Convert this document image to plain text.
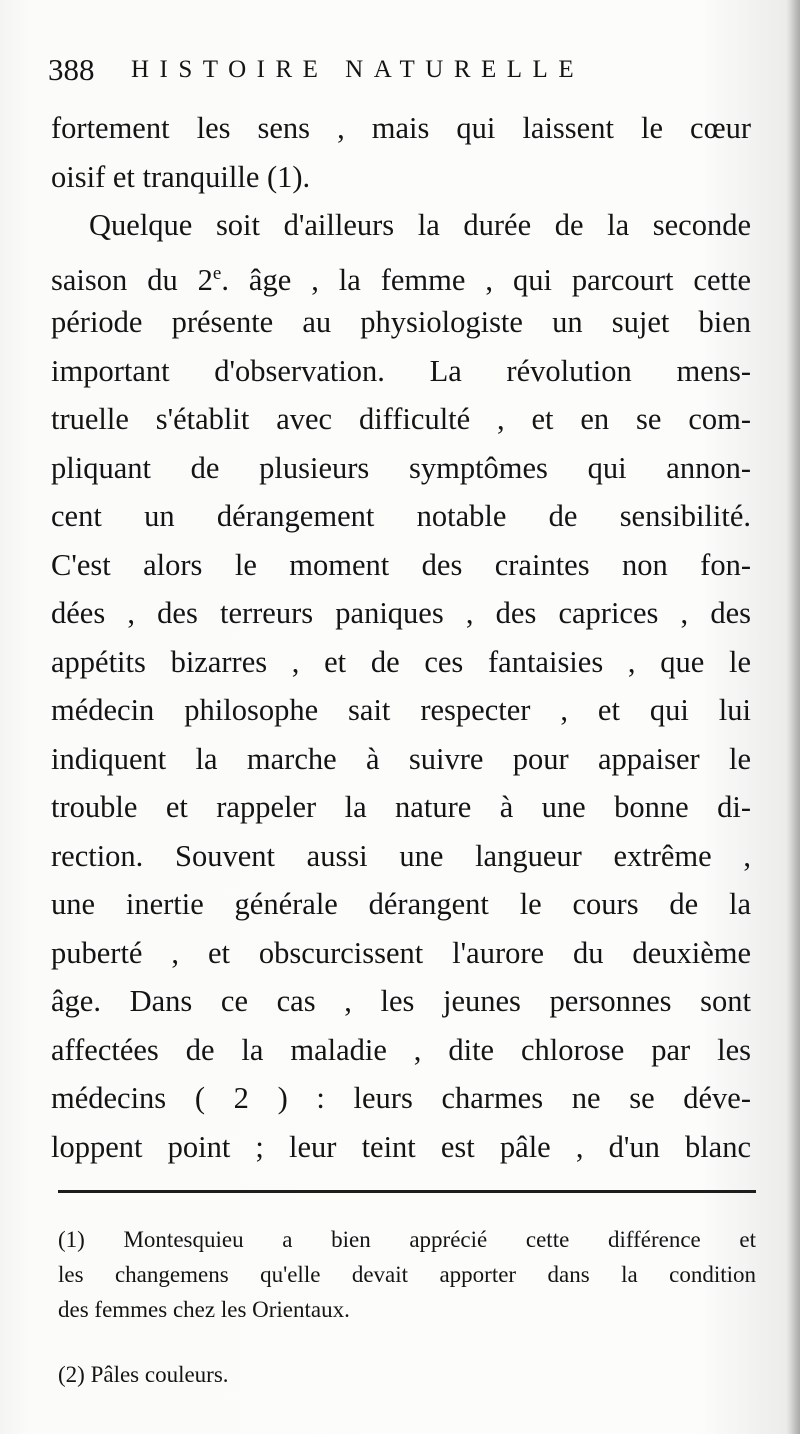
388 HISTOIRE NATURELLE
fortement les sens , mais qui laissent le cœur
oisif et tranquille (1).
Quelque soit d'ailleurs la durée de la seconde
saison du 2e. âge , la femme , qui parcourt cette
période présente au physiologiste un sujet bien
important d'observation. La révolution mens-
truelle s'établit avec difficulté , et en se com-
pliquant de plusieurs symptômes qui annon-
cent un dérangement notable de sensibilité.
C'est alors le moment des craintes non fon-
dées , des terreurs paniques , des caprices , des
appétits bizarres , et de ces fantaisies , que le
médecin philosophe sait respecter , et qui lui
indiquent la marche à suivre pour appaiser le
trouble et rappeler la nature à une bonne di-
rection. Souvent aussi une langueur extrême ,
une inertie générale dérangent le cours de la
puberté , et obscurcissent l'aurore du deuxième
âge. Dans ce cas , les jeunes personnes sont
affectées de la maladie , dite chlorose par les
médecins ( 2 ) : leurs charmes ne se déve-
loppent point ; leur teint est pâle , d'un blanc
(1) Montesquieu a bien apprécié cette différence et
les changemens qu'elle devait apporter dans la condition
des femmes chez les Orientaux.
(2) Pâles couleurs.
